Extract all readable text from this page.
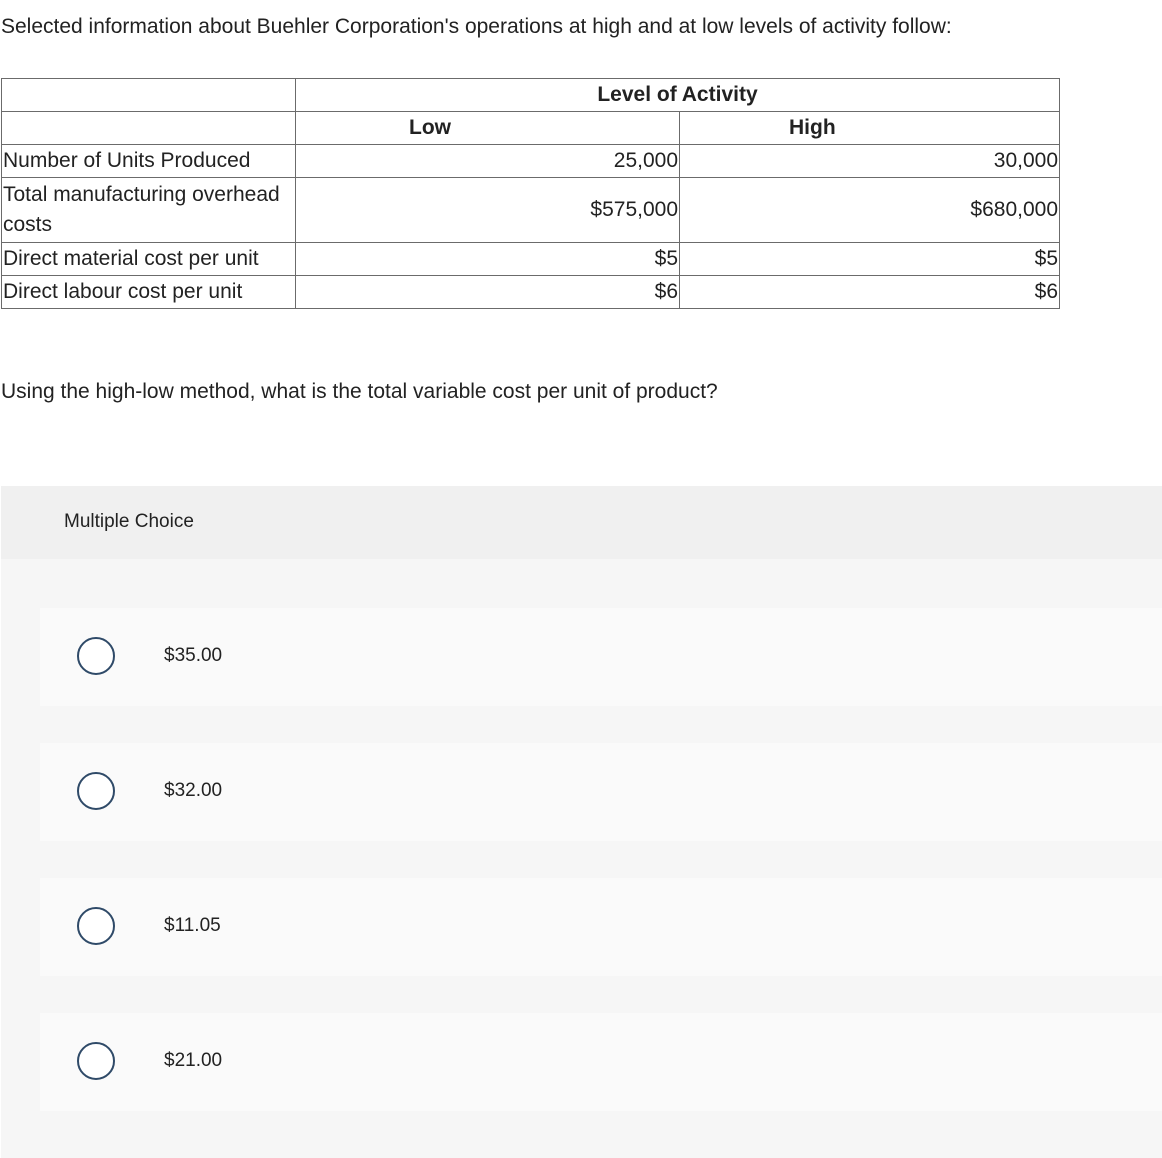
Selected information about Buehler Corporation's operations at high and at low levels of activity follow:

	Level of Activity	
	Low	High
Number of Units Produced	25,000	30,000
Total manufacturing overhead costs	$575,000	$680,000
Direct material cost per unit	$5	$5
Direct labour cost per unit	$6	$6

Using the high-low method, what is the total variable cost per unit of product?

Multiple Choice
$35.00
$32.00
$11.05
$21.00
